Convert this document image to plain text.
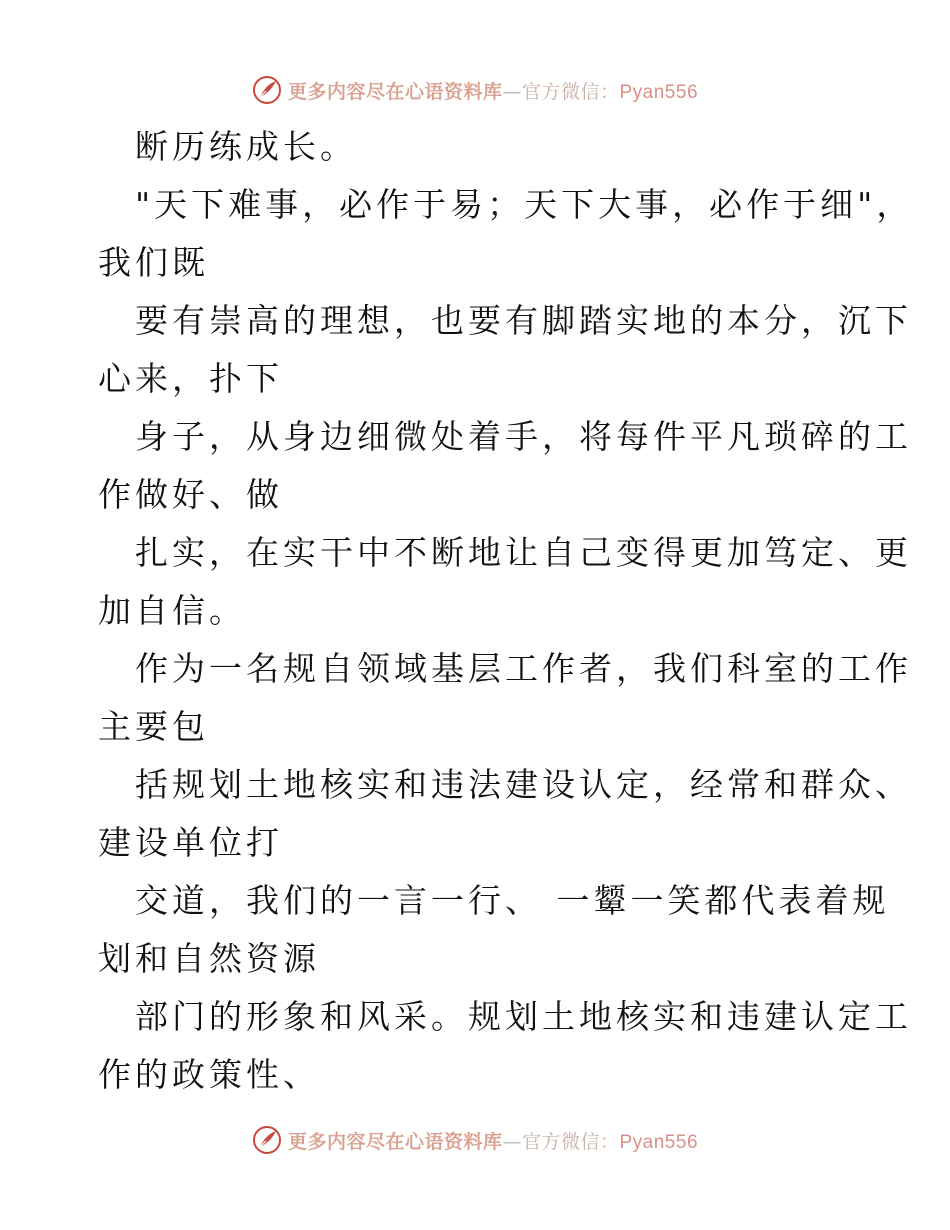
更多内容尽在心语资料库—官方微信：Pyan556
断历练成长。
"天下难事，必作于易；天下大事，必作于细"，
我们既
要有崇高的理想，也要有脚踏实地的本分，沉下
心来，扑下
身子，从身边细微处着手，将每件平凡琐碎的工
作做好、做
扎实，在实干中不断地让自己变得更加笃定、更
加自信。
作为一名规自领域基层工作者，我们科室的工作
主要包
括规划土地核实和违法建设认定，经常和群众、
建设单位打
交道，我们的一言一行、 一颦一笑都代表着规
划和自然资源
部门的形象和风采。规划土地核实和违建认定工
作的政策性、
更多内容尽在心语资料库—官方微信：Pyan556
